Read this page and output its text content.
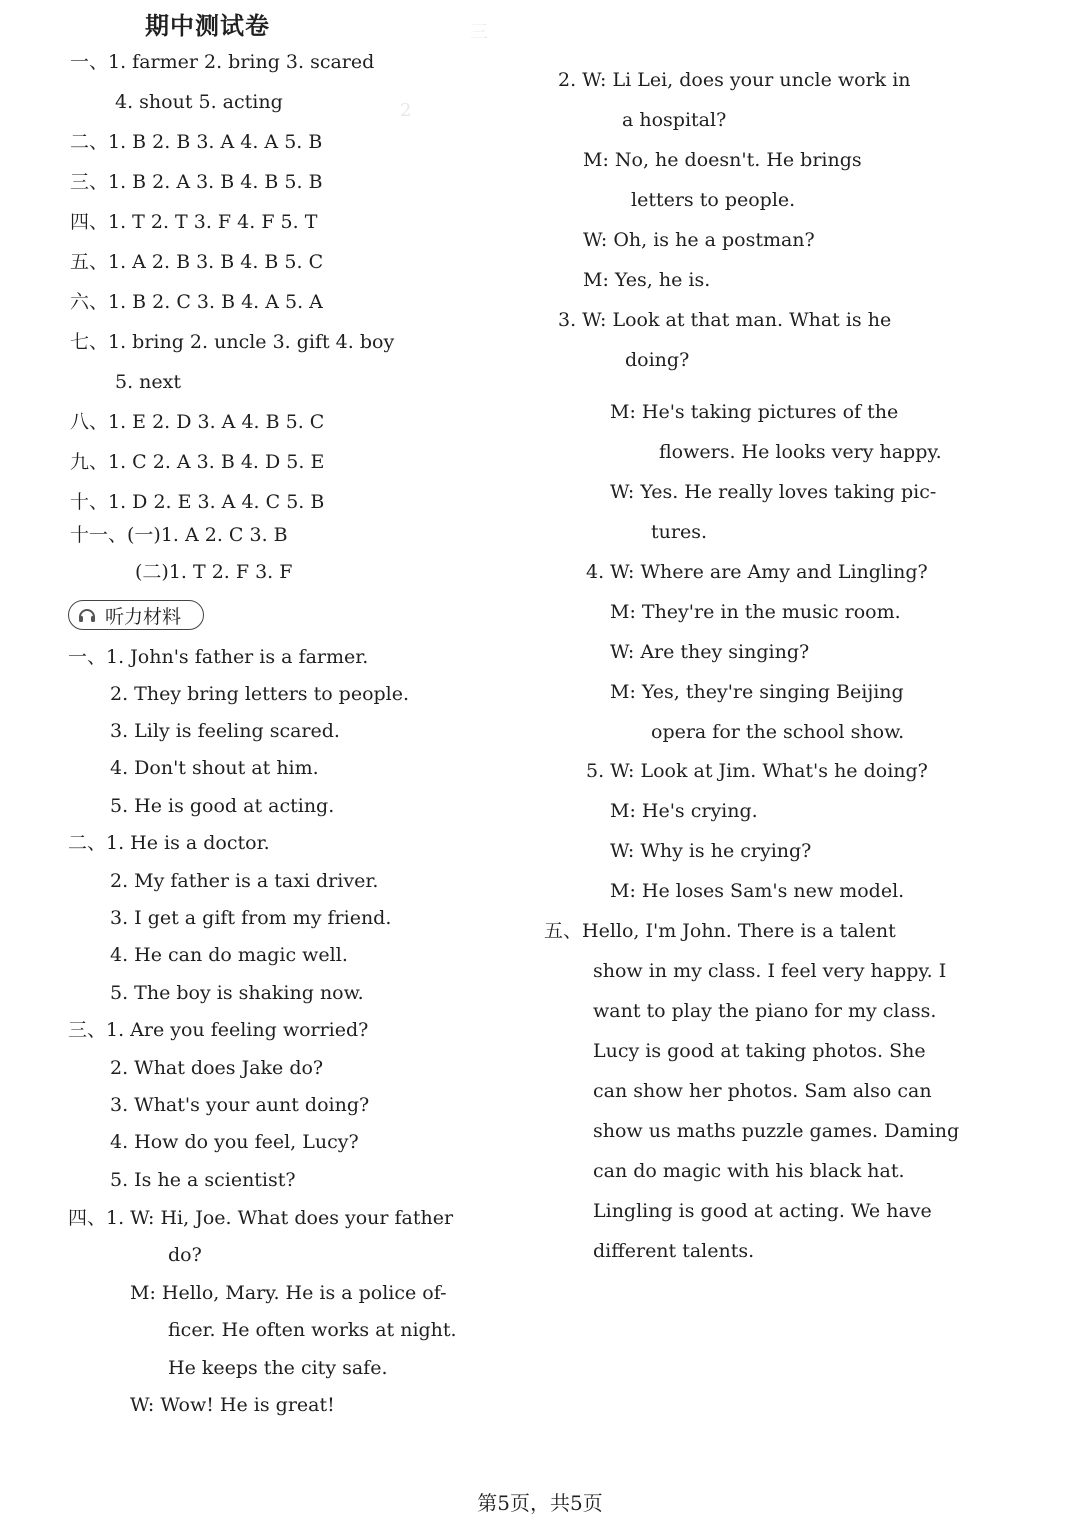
三
2
期中测试卷
一、1. farmer 2. bring 3. scared
4. shout 5. acting
二、1. B 2. B 3. A 4. A 5. B
三、1. B 2. A 3. B 4. B 5. B
四、1. T 2. T 3. F 4. F 5. T
五、1. A 2. B 3. B 4. B 5. C
六、1. B 2. C 3. B 4. A 5. A
七、1. bring 2. uncle 3. gift 4. boy
5. next
八、1. E 2. D 3. A 4. B 5. C
九、1. C 2. A 3. B 4. D 5. E
十、1. D 2. E 3. A 4. C 5. B
十一、(一)1. A 2. C 3. B
(二)1. T 2. F 3. F
听力材料
一、1. John's father is a farmer.
2. They bring letters to people.
3. Lily is feeling scared.
4. Don't shout at him.
5. He is good at acting.
二、1. He is a doctor.
2. My father is a taxi driver.
3. I get a gift from my friend.
4. He can do magic well.
5. The boy is shaking now.
三、1. Are you feeling worried?
2. What does Jake do?
3. What's your aunt doing?
4. How do you feel, Lucy?
5. Is he a scientist?
四、1. W: Hi, Joe. What does your father
do?
M: Hello, Mary. He is a police of-
ficer. He often works at night.
He keeps the city safe.
W: Wow! He is great!
2. W: Li Lei, does your uncle work in
a hospital?
M: No, he doesn't. He brings
letters to people.
W: Oh, is he a postman?
M: Yes, he is.
3. W: Look at that man. What is he
doing?
M: He's taking pictures of the
flowers. He looks very happy.
W: Yes. He really loves taking pic-
tures.
4. W: Where are Amy and Lingling?
M: They're in the music room.
W: Are they singing?
M: Yes, they're singing Beijing
opera for the school show.
5. W: Look at Jim. What's he doing?
M: He's crying.
W: Why is he crying?
M: He loses Sam's new model.
五、Hello, I'm John. There is a talent
show in my class. I feel very happy. I
want to play the piano for my class.
Lucy is good at taking photos. She
can show her photos. Sam also can
show us maths puzzle games. Daming
can do magic with his black hat.
Lingling is good at acting. We have
different talents.
第5页，共5页
